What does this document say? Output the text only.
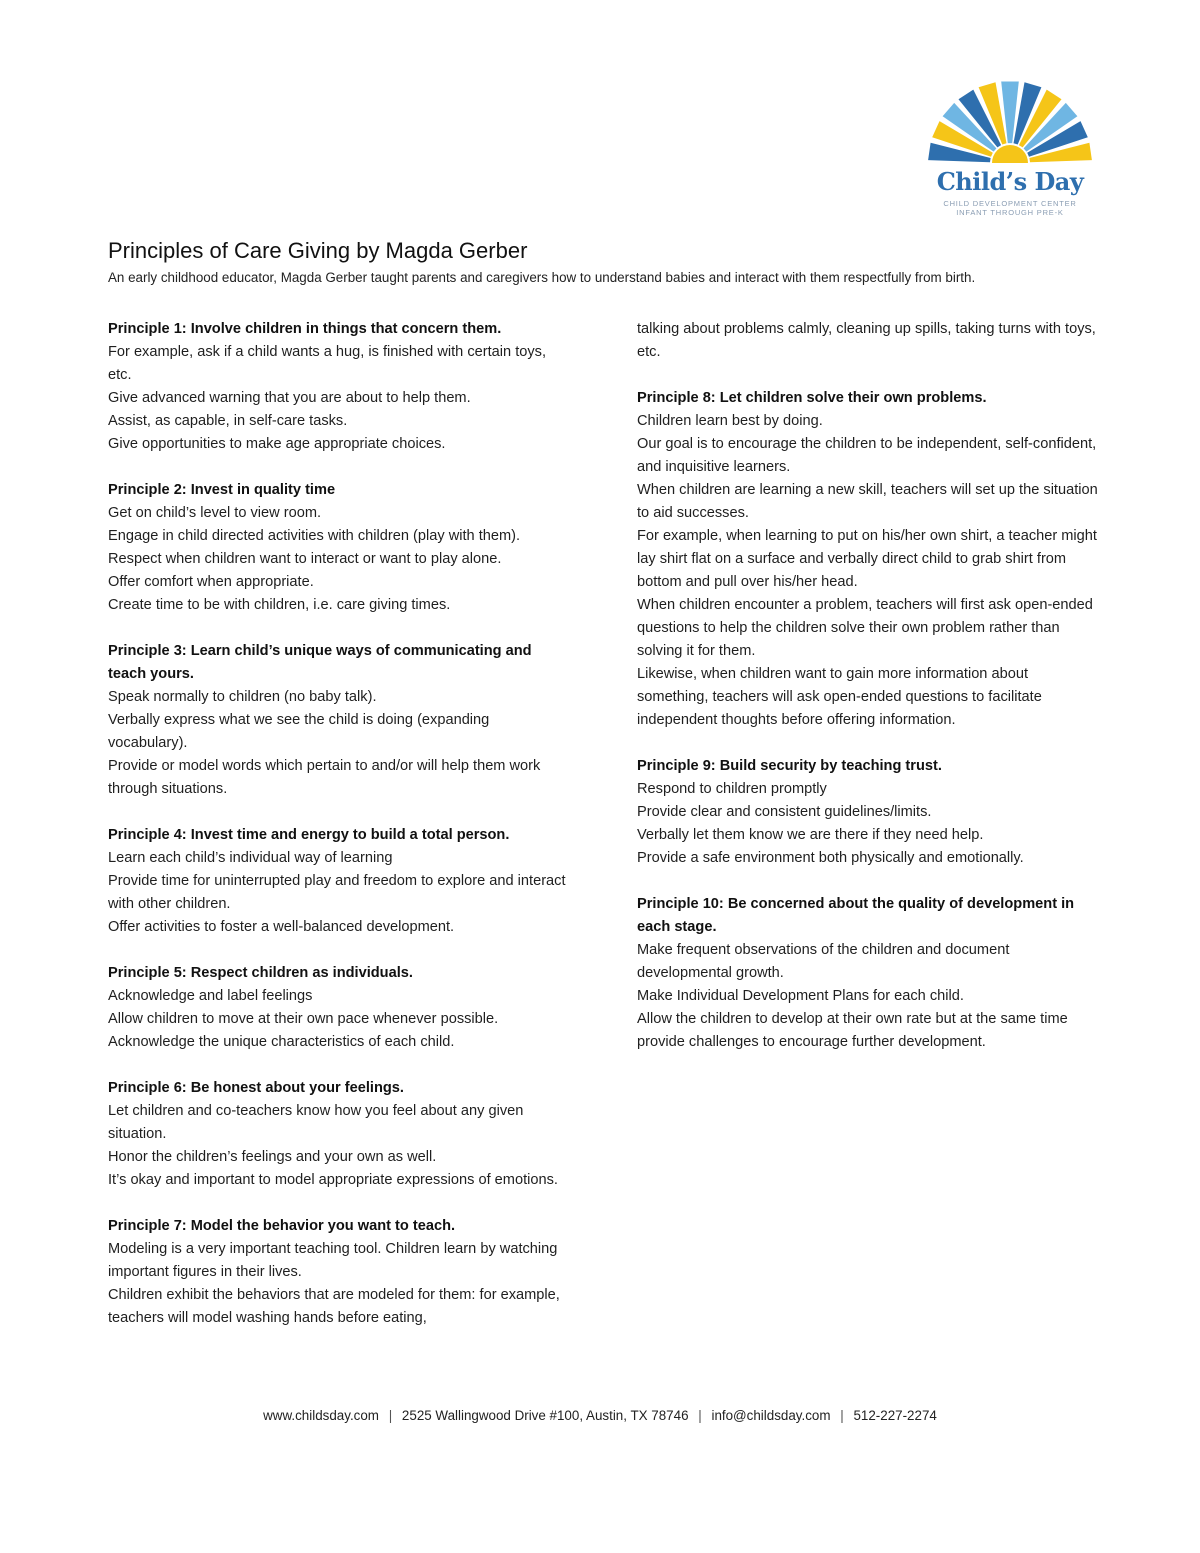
Child’s Day
CHILD DEVELOPMENT CENTER
INFANT THROUGH PRE-K
Principles of Care Giving by Magda Gerber

An early childhood educator, Magda Gerber taught parents and caregivers how to understand babies and interact with them respectfully from birth.

Principle 1: Involve children in things that concern them.
For example, ask if a child wants a hug, is finished with certain toys, etc.
Give advanced warning that you are about to help them.
Assist, as capable, in self-care tasks.
Give opportunities to make age appropriate choices.
Principle 2: Invest in quality time
Get on child’s level to view room.
Engage in child directed activities with children (play with them).
Respect when children want to interact or want to play alone.
Offer comfort when appropriate.
Create time to be with children, i.e. care giving times.
Principle 3: Learn child’s unique ways of communicating and teach yours.
Speak normally to children (no baby talk).
Verbally express what we see the child is doing (expanding vocabulary).
Provide or model words which pertain to and/or will help them work through situations.
Principle 4: Invest time and energy to build a total person.
Learn each child’s individual way of learning
Provide time for uninterrupted play and freedom to explore and interact with other children.
Offer activities to foster a well-balanced development.
Principle 5: Respect children as individuals.
Acknowledge and label feelings
Allow children to move at their own pace whenever possible.
Acknowledge the unique characteristics of each child.
Principle 6: Be honest about your feelings.
Let children and co-teachers know how you feel about any given situation.
Honor the children’s feelings and your own as well.
It’s okay and important to model appropriate expressions of emotions.
Principle 7: Model the behavior you want to teach.
Modeling is a very important teaching tool. Children learn by watching important figures in their lives.
Children exhibit the behaviors that are modeled for them: for example, teachers will model washing hands before eating,
talking about problems calmly, cleaning up spills, taking turns with toys, etc.
Principle 8: Let children solve their own problems.
Children learn best by doing.
Our goal is to encourage the children to be independent, self-confident, and inquisitive learners.
When children are learning a new skill, teachers will set up the situation to aid successes.
For example, when learning to put on his/her own shirt, a teacher might lay shirt flat on a surface and verbally direct child to grab shirt from bottom and pull over his/her head.
When children encounter a problem, teachers will first ask open-ended questions to help the children solve their own problem rather than solving it for them.
Likewise, when children want to gain more information about something, teachers will ask open-ended questions to facilitate independent thoughts before offering information.
Principle 9: Build security by teaching trust.
Respond to children promptly
Provide clear and consistent guidelines/limits.
Verbally let them know we are there if they need help.
Provide a safe environment both physically and emotionally.
Principle 10: Be concerned about the quality of development in each stage.
Make frequent observations of the children and document developmental growth.
Make Individual Development Plans for each child.
Allow the children to develop at their own rate but at the same time provide challenges to encourage further development.
www.childsday.com | 2525 Wallingwood Drive #100, Austin, TX 78746 | info@childsday.com | 512-227-2274
